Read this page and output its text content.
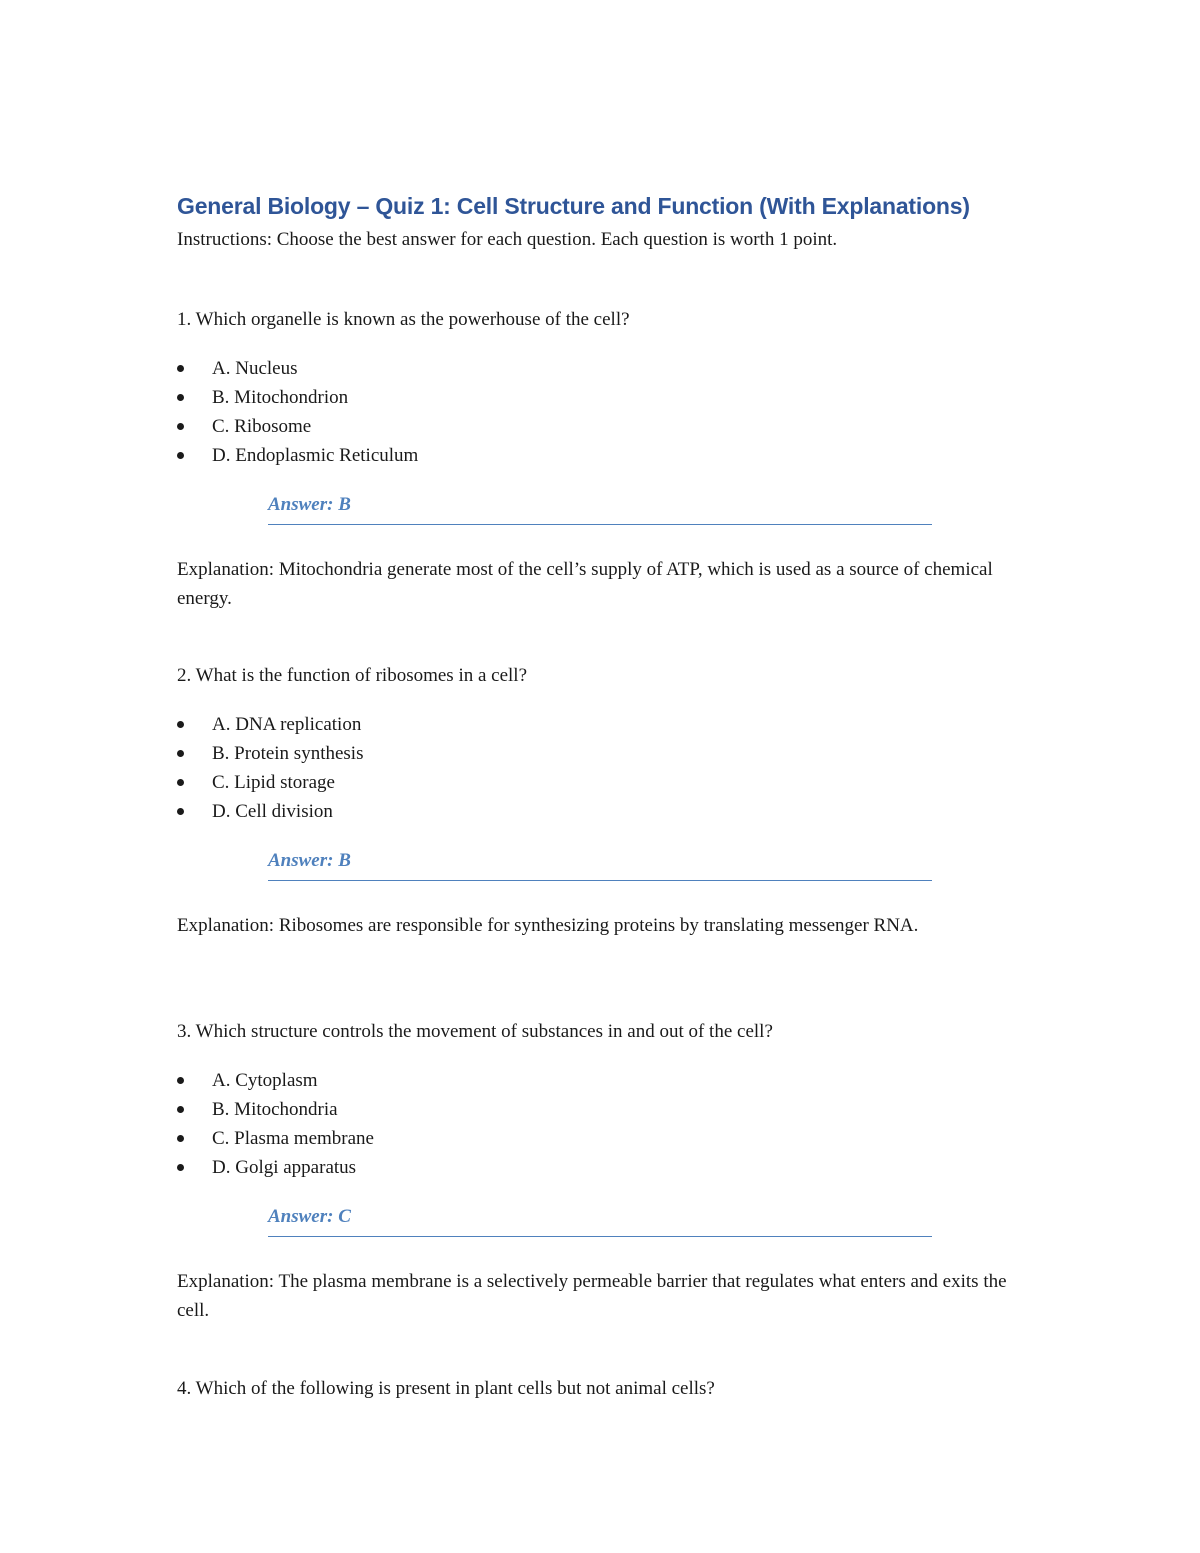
General Biology – Quiz 1: Cell Structure and Function (With Explanations)

Instructions: Choose the best answer for each question. Each question is worth 1 point.

1. Which organelle is known as the powerhouse of the cell?

A. Nucleus
B. Mitochondrion
C. Ribosome
D. Endoplasmic Reticulum
Answer: B

Explanation: Mitochondria generate most of the cell’s supply of ATP, which is used as a source of chemical energy.

2. What is the function of ribosomes in a cell?

A. DNA replication
B. Protein synthesis
C. Lipid storage
D. Cell division
Answer: B

Explanation: Ribosomes are responsible for synthesizing proteins by translating messenger RNA.

3. Which structure controls the movement of substances in and out of the cell?

A. Cytoplasm
B. Mitochondria
C. Plasma membrane
D. Golgi apparatus
Answer: C

Explanation: The plasma membrane is a selectively permeable barrier that regulates what enters and exits the cell.

4. Which of the following is present in plant cells but not animal cells?
